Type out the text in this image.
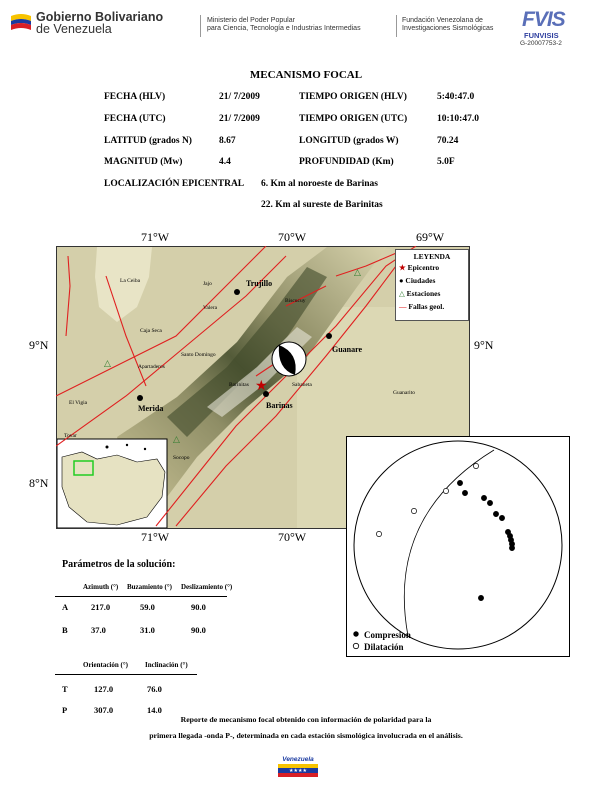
Gobierno Bolivariano
de Venezuela
Ministerio del Poder Popular
para Ciencia, Tecnología e Industrias Intermedias
Fundación Venezolana de
Investigaciones Sismológicas FVIS
FUNVISIS
G-20007753-2
MECANISMO FOCAL
FECHA (HLV)	21/ 7/2009	TIEMPO ORIGEN (HLV)	5:40:47.0
FECHA (UTC)	21/ 7/2009	TIEMPO ORIGEN (UTC)	10:10:47.0
LATITUD (grados N)	8.67	LONGITUD (grados W)	70.24
MAGNITUD (Mw)	4.4	PROFUNDIDAD (Km)	5.0F
LOCALIZACIÓN EPICENTRAL 6. Km al noroeste de Barinas
22. Km al sureste de Barinitas
71°W	70°W	69°W
71°W	70°W
9°N	9°N
8°N
La Ceiba	Trujillo
Jajo
Valera
Biscucuy
Caja Seca
Guanare
Santo Domingo
Apartaderos
Barinitas	Sabaneta
Guanarito
El Vigia
Merida	Barinas
Socopo
Tovar
△
△
△
★
LEYENDA
★ Epicentro
● Ciudades
△ Estaciones
— Fallas geol.
Compresion
Dilatación
Parámetros de la solución:
Azimuth (°) Buzamiento (°) Deslizamiento (°)
A	217.0	59.0	90.0
B	37.0	31.0	90.0
Orientación (°) Inclinación (°)
T	127.0	76.0
P	307.0	14.0
Reporte de mecanismo focal obtenido con información de polaridad para la
primera llegada -onda P-, determinada en cada estación sismológica involucrada en el análisis.
Venezuela
★★★★
